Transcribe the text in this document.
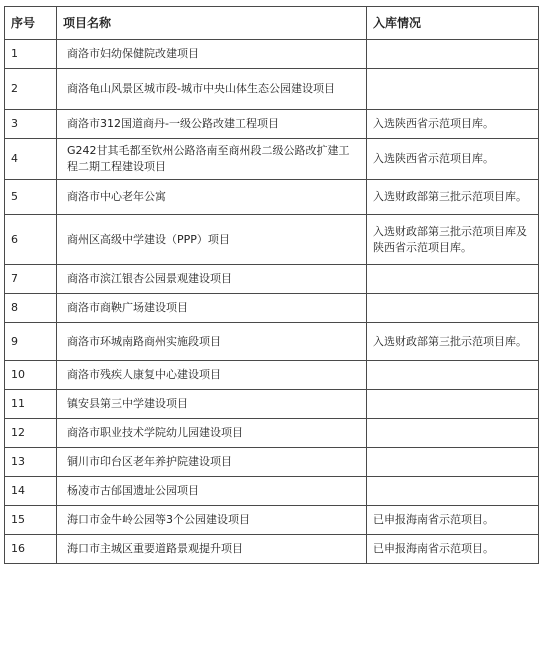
序号	项目名称	入库情况
1	商洛市妇幼保健院改建项目	
2	商洛龟山风景区城市段-城市中央山体生态公园建设项目	
3	商洛市312国道商丹-一级公路改建工程项目	入选陕西省示范项目库。
4	G242甘其毛都至钦州公路洛南至商州段二级公路改扩建工程二期工程建设项目	入选陕西省示范项目库。
5	商洛市中心老年公寓	入选财政部第三批示范项目库。
6	商州区高级中学建设（PPP）项目	入选财政部第三批示范项目库及陕西省示范项目库。
7	商洛市滨江银杏公园景观建设项目	
8	商洛市商鞅广场建设项目	
9	商洛市环城南路商州实施段项目	入选财政部第三批示范项目库。
10	商洛市残疾人康复中心建设项目	
11	镇安县第三中学建设项目	
12	商洛市职业技术学院幼儿园建设项目	
13	铜川市印台区老年养护院建设项目	
14	杨凌市古邰国遗址公园项目	
15	海口市金牛岭公园等3个公园建设项目	已申报海南省示范项目。
16	海口市主城区重要道路景观提升项目	已申报海南省示范项目。
